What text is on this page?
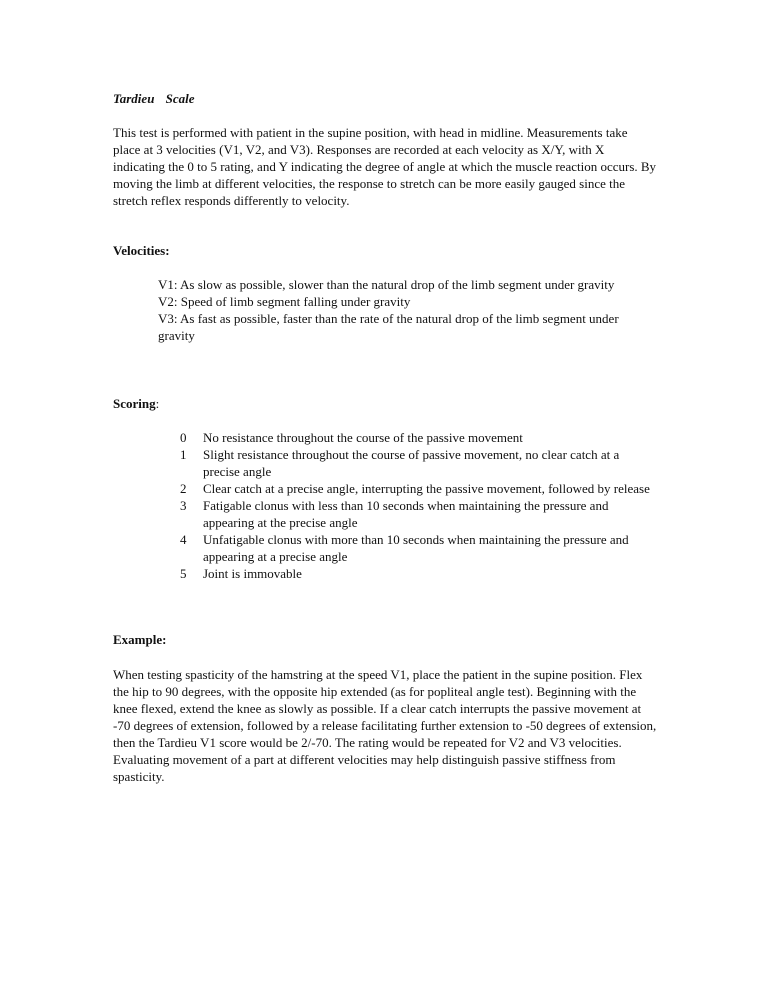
Tardieu Scale

This test is performed with patient in the supine position, with head in midline. Measurements take place at 3 velocities (V1, V2, and V3). Responses are recorded at each velocity as X/Y, with X indicating the 0 to 5 rating, and Y indicating the degree of angle at which the muscle reaction occurs. By moving the limb at different velocities, the response to stretch can be more easily gauged since the stretch reflex responds differently to velocity.

Velocities:
V1: As slow as possible, slower than the natural drop of the limb segment under gravity
V2: Speed of limb segment falling under gravity
V3: As fast as possible, faster than the rate of the natural drop of the limb segment under gravity
Scoring:
0	No resistance throughout the course of the passive movement
1	Slight resistance throughout the course of passive movement, no clear catch at a precise angle
2	Clear catch at a precise angle, interrupting the passive movement, followed by release
3	Fatigable clonus with less than 10 seconds when maintaining the pressure and appearing at the precise angle
4	Unfatigable clonus with more than 10 seconds when maintaining the pressure and appearing at a precise angle
5	Joint is immovable
Example:

When testing spasticity of the hamstring at the speed V1, place the patient in the supine position. Flex the hip to 90 degrees, with the opposite hip extended (as for popliteal angle test). Beginning with the knee flexed, extend the knee as slowly as possible. If a clear catch interrupts the passive movement at -70 degrees of extension, followed by a release facilitating further extension to -50 degrees of extension, then the Tardieu V1 score would be 2/-70. The rating would be repeated for V2 and V3 velocities. Evaluating movement of a part at different velocities may help distinguish passive stiffness from spasticity.
